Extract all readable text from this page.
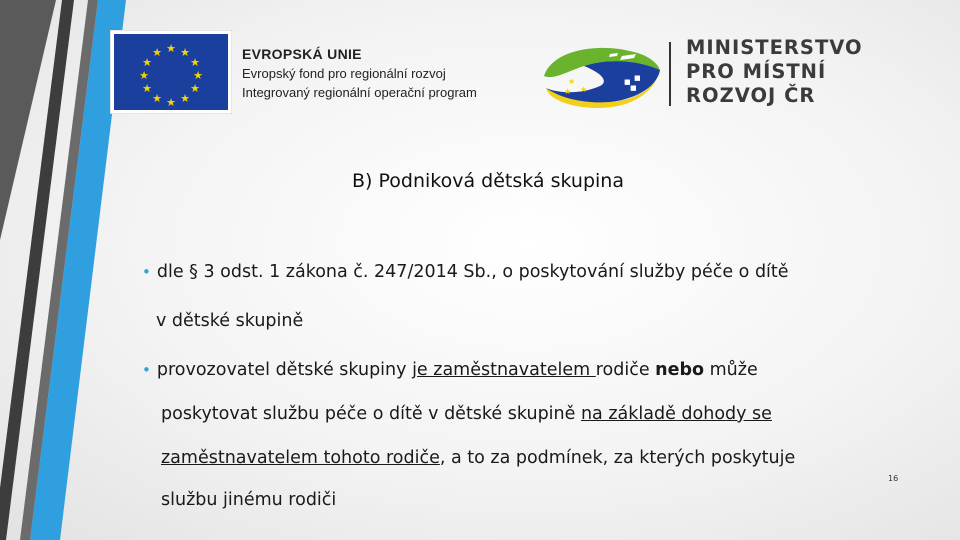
★ ★
★
★
★
★
★
★
★
★
★
★	EVROPSKÁ UNIE
Evropský fond pro regionální rozvoj
Integrovaný regionální operační program
★
★
★
■ ■
■
MINISTERSTVO
PRO MÍSTNÍ
ROZVOJ ČR
B) Podniková dětská skupina
• dle § 3 odst. 1 zákona č. 247/2014 Sb., o poskytování služby péče o dítě
v dětské skupině
• provozovatel dětské skupiny je zaměstnavatelem rodiče nebo může
poskytovat službu péče o dítě v dětské skupině na základě dohody se
zaměstnavatelem tohoto rodiče, a to za podmínek, za kterých poskytuje
službu jinému rodiči
16
